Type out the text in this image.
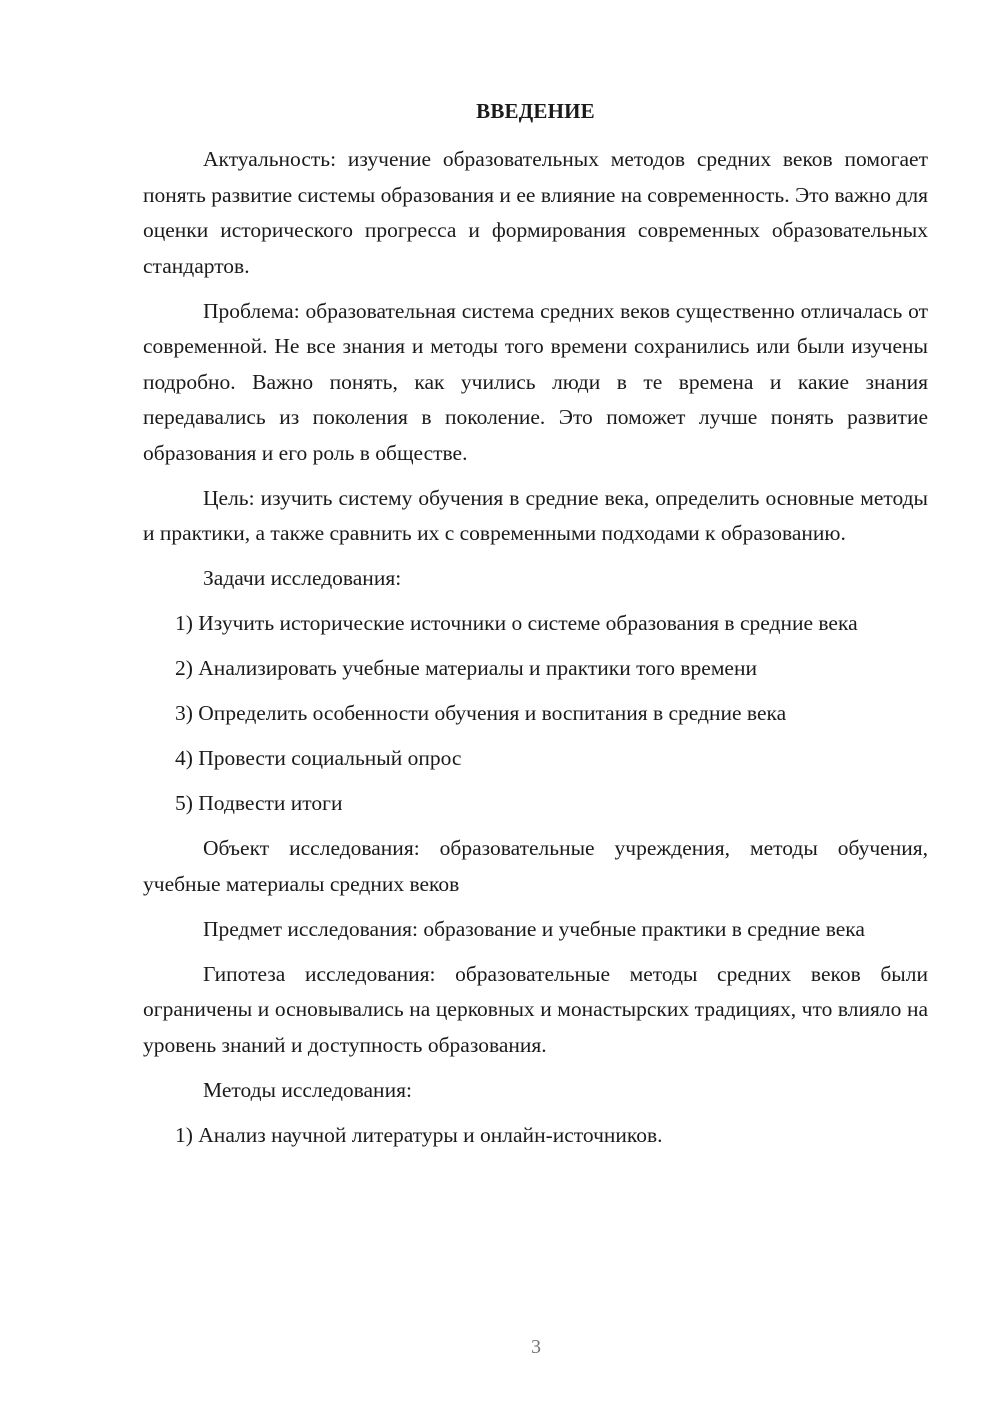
ВВЕДЕНИЕ

Актуальность: изучение образовательных методов средних веков помогает понять развитие системы образования и ее влияние на современность. Это важно для оценки исторического прогресса и формирования современных образовательных стандартов.

Проблема: образовательная система средних веков существенно отличалась от современной. Не все знания и методы того времени сохранились или были изучены подробно. Важно понять, как учились люди в те времена и какие знания передавались из поколения в поколение. Это поможет лучше понять развитие образования и его роль в обществе.

Цель: изучить систему обучения в средние века, определить основные методы и практики, а также сравнить их с современными подходами к образованию.

Задачи исследования:

1) Изучить исторические источники о системе образования в средние века

2) Анализировать учебные материалы и практики того времени

3) Определить особенности обучения и воспитания в средние века

4) Провести социальный опрос

5) Подвести итоги

Объект исследования: образовательные учреждения, методы обучения, учебные материалы средних веков

Предмет исследования: образование и учебные практики в средние века

Гипотеза исследования: образовательные методы средних веков были ограничены и основывались на церковных и монастырских традициях, что влияло на уровень знаний и доступность образования.

Методы исследования:

1) Анализ научной литературы и онлайн-источников.

3
